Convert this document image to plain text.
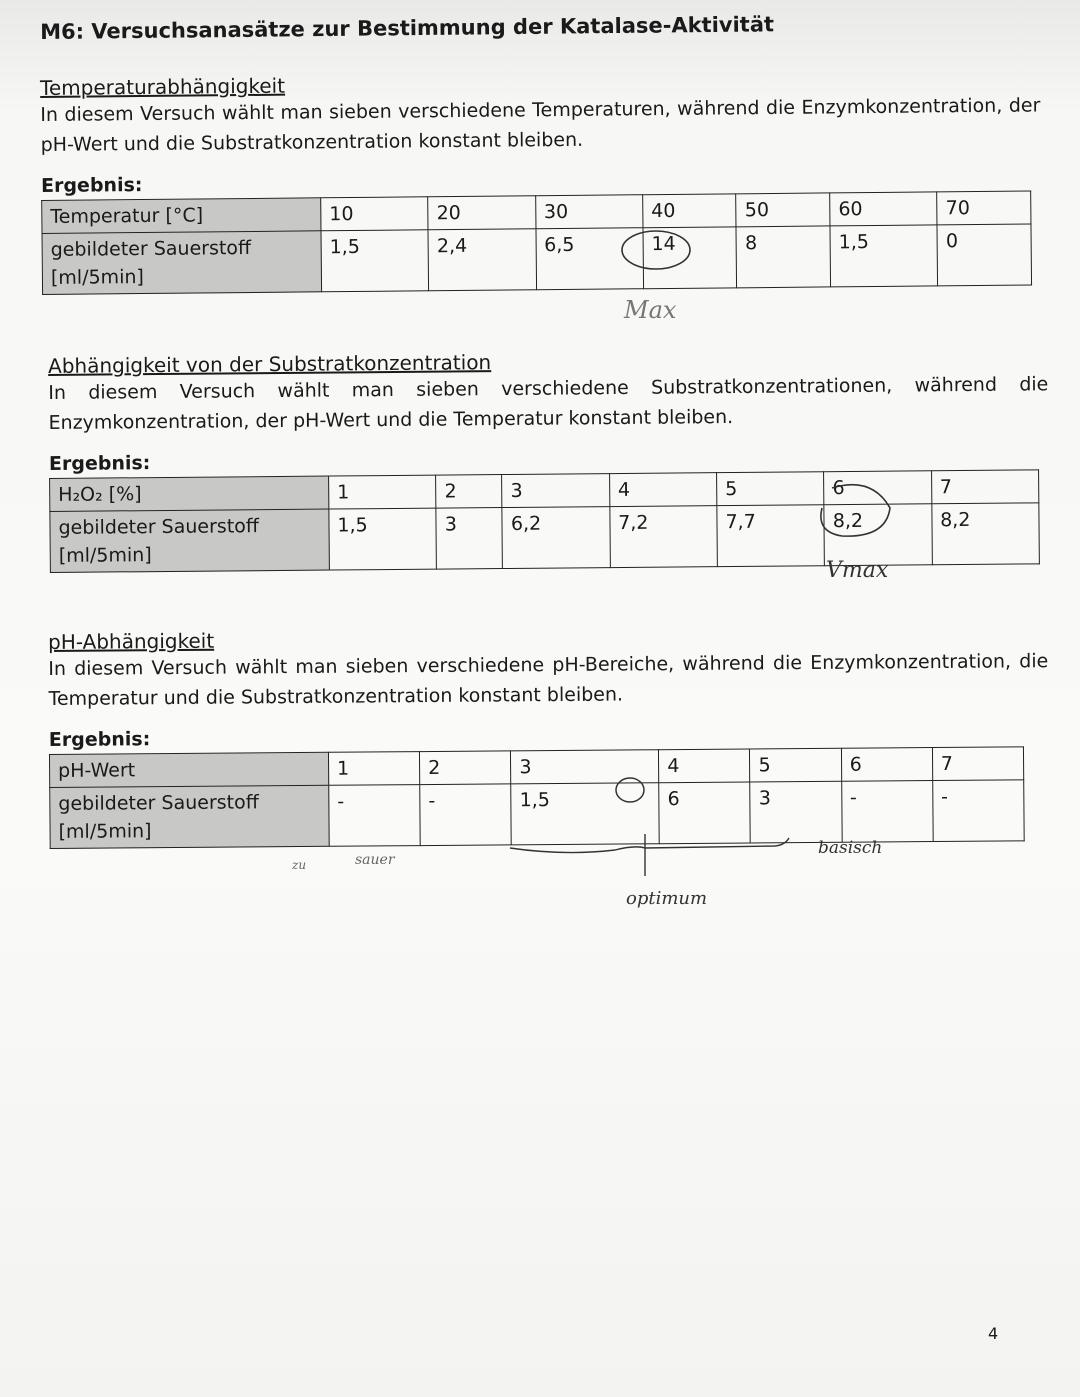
M6: Versuchsanasätze zur Bestimmung der Katalase-Aktivität

Temperaturabhängigkeit

In diesem Versuch wählt man sieben verschiedene Temperaturen, während die Enzymkonzentration, der pH-Wert und die Substratkonzentration konstant bleiben.

Ergebnis:
Temperatur [°C]	10	20	30	40	50	60	70
gebildeter Sauerstoff [ml/5min]	1,5	2,4	6,5	14	8	1,5	0
Max

Abhängigkeit von der Substratkonzentration

In diesem Versuch wählt man sieben verschiedene Substratkonzentrationen, während die Enzymkonzentration, der pH-Wert und die Temperatur konstant bleiben.

Ergebnis:
H₂O₂ [%]	1	2	3	4	5	6	7
gebildeter Sauerstoff [ml/5min]	1,5	3	6,2	7,2	7,7	8,2	8,2
Vmax

pH-Abhängigkeit

In diesem Versuch wählt man sieben verschiedene pH-Bereiche, während die Enzymkonzentration, die Temperatur und die Substratkonzentration konstant bleiben.

Ergebnis:
pH-Wert	1	2	3	4	5	6	7
gebildeter Sauerstoff [ml/5min]	-	-	1,5	6	3	-	-
zu	sauer
basisch
optimum
4
